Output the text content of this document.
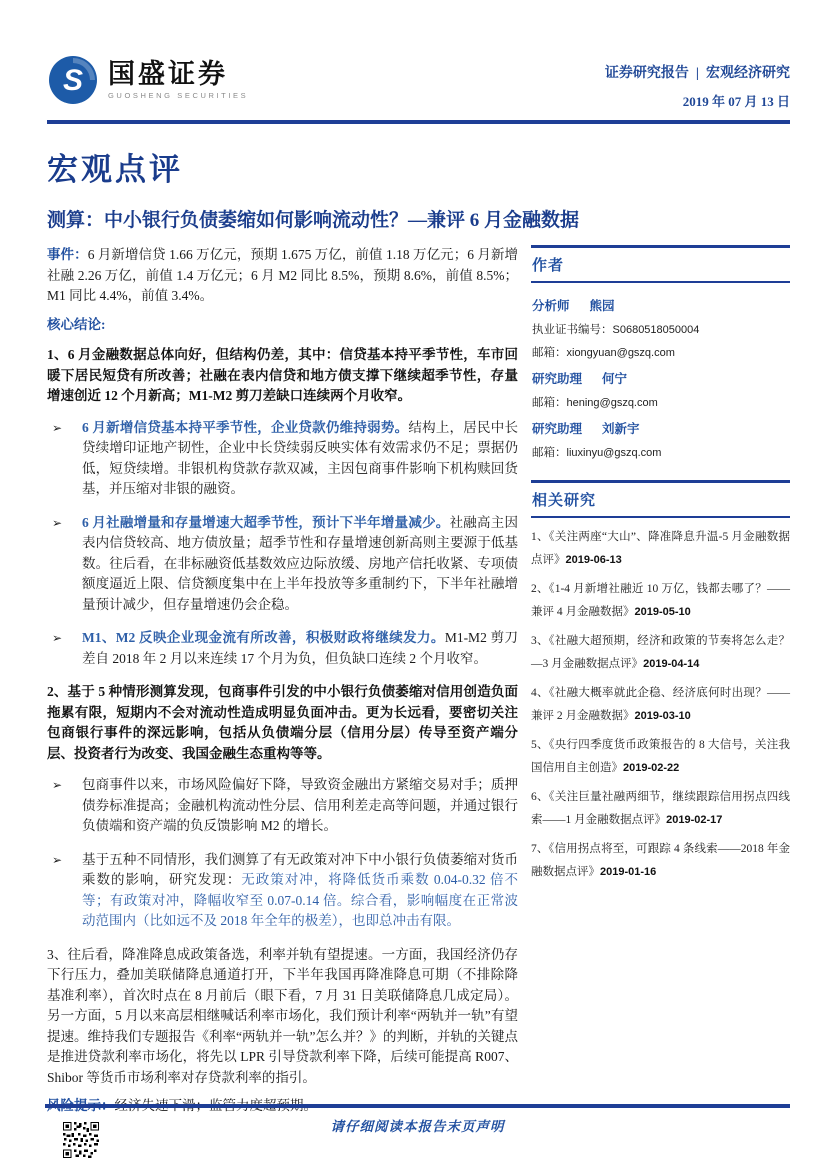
S 国盛证券
GUOSHENG SECURITIES
证券研究报告 | 宏观经济研究
2019 年 07 月 13 日
宏观点评
测算：中小银行负债萎缩如何影响流动性？—兼评 6 月金融数据

事件：6 月新增信贷 1.66 万亿元，预期 1.675 万亿，前值 1.18 万亿元；6 月新增社融 2.26 万亿，前值 1.4 万亿元；6 月 M2 同比 8.5%，预期 8.6%，前值 8.5%；M1 同比 4.4%，前值 3.4%。

核心结论:

1、6 月金融数据总体向好，但结构仍差，其中：信贷基本持平季节性，车市回暖下居民短贷有所改善；社融在表内信贷和地方债支撑下继续超季节性，存量增速创近 12 个月新高；M1-M2 剪刀差缺口连续两个月收窄。

➢ 6 月新增信贷基本持平季节性，企业贷款仍维持弱势。结构上，居民中长贷续增印证地产韧性，企业中长贷续弱反映实体有效需求仍不足；票据仍低，短贷续增。非银机构贷款存款双减，主因包商事件影响下机构赎回货基，并压缩对非银的融资。
➢ 6 月社融增量和存量增速大超季节性，预计下半年增量减少。社融高主因表内信贷较高、地方债放量；超季节性和存量增速创新高则主要源于低基数。往后看，在非标融资低基数效应边际放缓、房地产信托收紧、专项债额度逼近上限、信贷额度集中在上半年投放等多重制约下，下半年社融增量预计减少，但存量增速仍会企稳。
➢ M1、M2 反映企业现金流有所改善，积极财政将继续发力。M1-M2 剪刀差自 2018 年 2 月以来连续 17 个月为负，但负缺口连续 2 个月收窄。

2、基于 5 种情形测算发现，包商事件引发的中小银行负债萎缩对信用创造负面拖累有限，短期内不会对流动性造成明显负面冲击。更为长远看，要密切关注包商银行事件的深远影响，包括从负债端分层（信用分层）传导至资产端分层、投资者行为改变、我国金融生态重构等等。

➢ 包商事件以来，市场风险偏好下降，导致资金融出方紧缩交易对手；质押债券标准提高；金融机构流动性分层、信用利差走高等问题，并通过银行负债端和资产端的负反馈影响 M2 的增长。
➢ 基于五种不同情形，我们测算了有无政策对冲下中小银行负债萎缩对货币乘数的影响，研究发现：无政策对冲，将降低货币乘数 0.04-0.32 倍不等；有政策对冲，降幅收窄至 0.07-0.14 倍。综合看，影响幅度在正常波动范围内（比如远不及 2018 年全年的极差），也即总冲击有限。

3、往后看，降准降息成政策备选，利率并轨有望提速。一方面，我国经济仍存下行压力，叠加美联储降息通道打开，下半年我国再降准降息可期（不排除降基准利率），首次时点在 8 月前后（眼下看，7 月 31 日美联储降息几成定局）。另一方面，5 月以来高层相继喊话利率市场化，我们预计利率“两轨并一轨”有望提速。维持我们专题报告《利率“两轨并一轨”怎么并？》的判断，并轨的关键点是推进贷款利率市场化，将先以 LPR 引导贷款利率下降，后续可能提高 R007、Shibor 等货币市场利率对存贷款利率的指引。

作者
分析师 熊园
执业证书编号：S0680518050004
邮箱：xiongyuan@gszq.com
研究助理 何宁
邮箱：hening@gszq.com
研究助理 刘新宇
邮箱：liuxinyu@gszq.com
相关研究

1、《关注两座“大山”、降准降息升温-5 月金融数据点评》2019-06-13

2、《1-4 月新增社融近 10 万亿，钱都去哪了？——兼评 4 月金融数据》2019-05-10

3、《社融大超预期，经济和政策的节奏将怎么走？—3 月金融数据点评》2019-04-14

4、《社融大概率就此企稳、经济底何时出现？——兼评 2 月金融数据》2019-03-10

5、《央行四季度货币政策报告的 8 大信号，关注我国信用自主创造》2019-02-22

6、《关注巨量社融两细节，继续跟踪信用拐点四线索——1 月金融数据点评》2019-02-17

7、《信用拐点将至，可跟踪 4 条线索——2018 年金融数据点评》2019-01-16

请仔细阅读本报告末页声明
